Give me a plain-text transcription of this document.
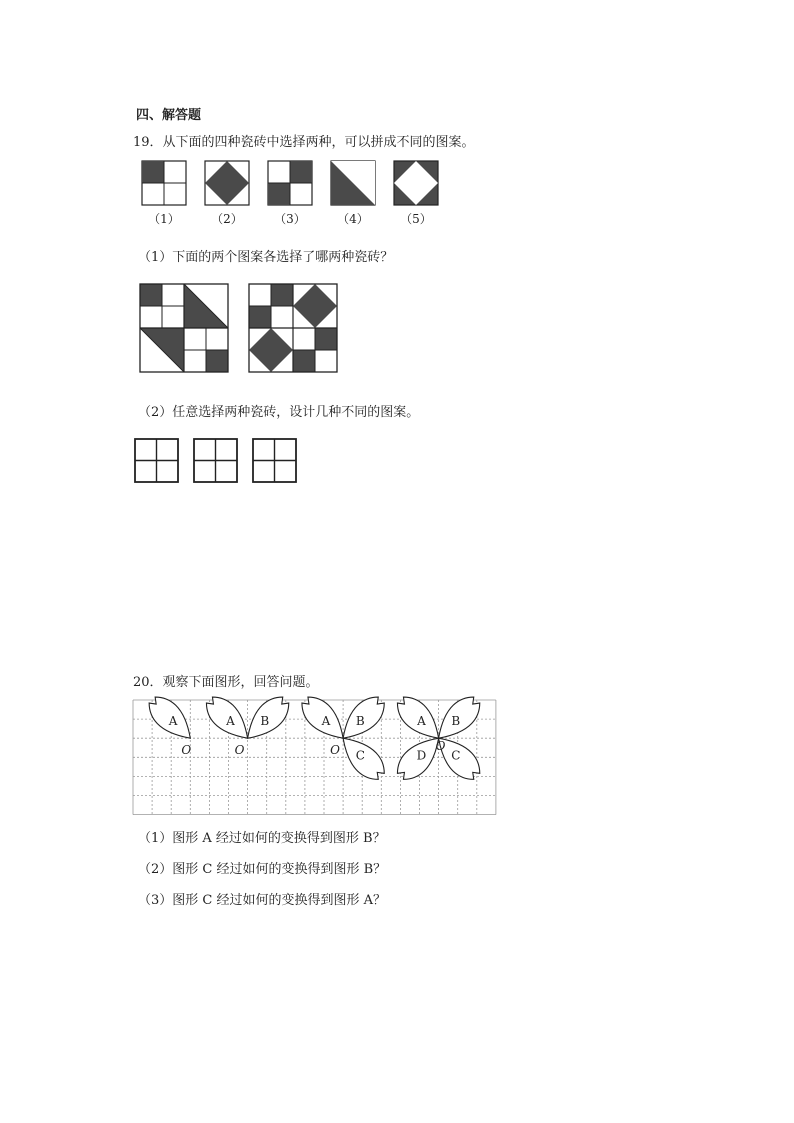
四、解答题
19．从下面的四种瓷砖中选择两种，可以拼成不同的图案。
（1）	（2）	（3）	（4）	（5）
（1）下面的两个图案各选择了哪两种瓷砖？
（2）任意选择两种瓷砖，设计几种不同的图案。
20．观察下面图形，回答问题。
A	A B	A B
C
A B
C
D
O	O	O	O
（1）图形 A 经过如何的变换得到图形 B？
（2）图形 C 经过如何的变换得到图形 B？
（3）图形 C 经过如何的变换得到图形 A？
